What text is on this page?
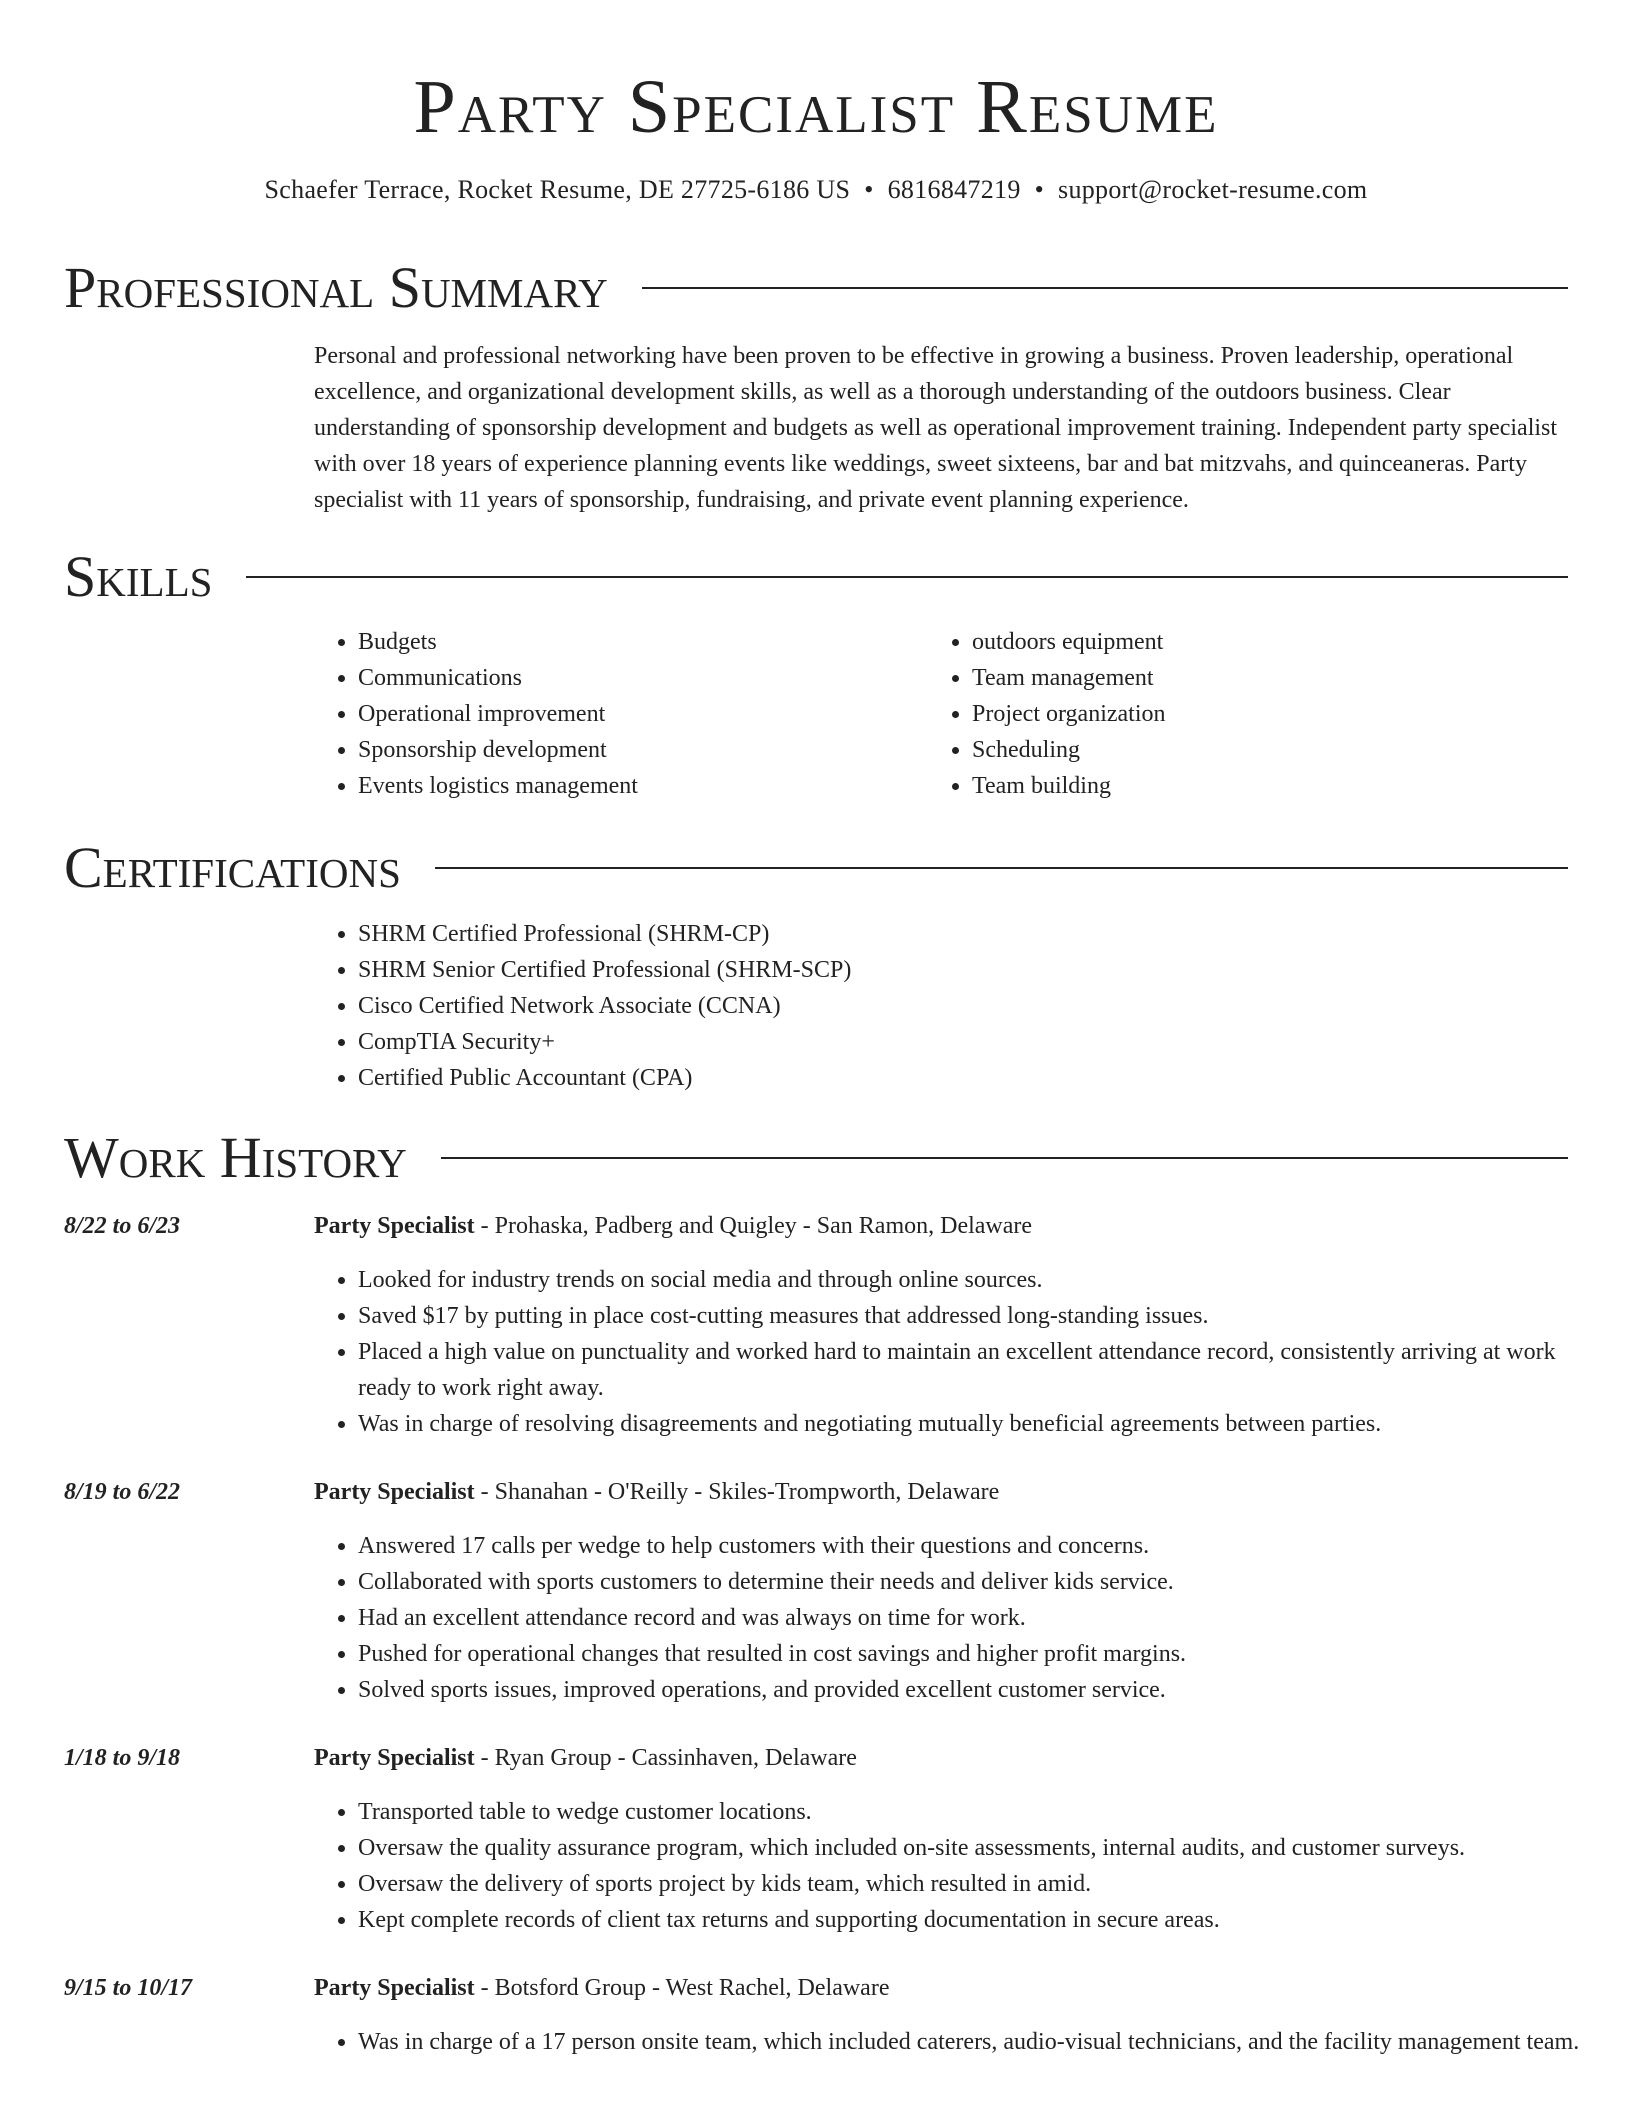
Party Specialist Resume
Schaefer Terrace, Rocket Resume, DE 27725-6186 US • 6816847219 • support@rocket-resume.com
Professional Summary

Personal and professional networking have been proven to be effective in growing a business. Proven leadership, operational excellence, and organizational development skills, as well as a thorough understanding of the outdoors business. Clear understanding of sponsorship development and budgets as well as operational improvement training. Independent party specialist with over 18 years of experience planning events like weddings, sweet sixteens, bar and bat mitzvahs, and quinceaneras. Party specialist with 11 years of sponsorship, fundraising, and private event planning experience.

Skills
• Budgets
• Communications
• Operational improvement
• Sponsorship development
• Events logistics management
• outdoors equipment
• Team management
• Project organization
• Scheduling
• Team building
Certifications
• SHRM Certified Professional (SHRM-CP)
• SHRM Senior Certified Professional (SHRM-SCP)
• Cisco Certified Network Associate (CCNA)
• CompTIA Security+
• Certified Public Accountant (CPA)
Work History
8/22 to 6/23	Party Specialist - Prohaska, Padberg and Quigley - San Ramon, Delaware
• Looked for industry trends on social media and through online sources.
• Saved $17 by putting in place cost-cutting measures that addressed long-standing issues.
• Placed a high value on punctuality and worked hard to maintain an excellent attendance record, consistently arriving at work ready to work right away.
• Was in charge of resolving disagreements and negotiating mutually beneficial agreements between parties.
8/19 to 6/22	Party Specialist - Shanahan - O'Reilly - Skiles-Trompworth, Delaware
• Answered 17 calls per wedge to help customers with their questions and concerns.
• Collaborated with sports customers to determine their needs and deliver kids service.
• Had an excellent attendance record and was always on time for work.
• Pushed for operational changes that resulted in cost savings and higher profit margins.
• Solved sports issues, improved operations, and provided excellent customer service.
1/18 to 9/18	Party Specialist - Ryan Group - Cassinhaven, Delaware
• Transported table to wedge customer locations.
• Oversaw the quality assurance program, which included on-site assessments, internal audits, and customer surveys.
• Oversaw the delivery of sports project by kids team, which resulted in amid.
• Kept complete records of client tax returns and supporting documentation in secure areas.
9/15 to 10/17	Party Specialist - Botsford Group - West Rachel, Delaware
• Was in charge of a 17 person onsite team, which included caterers, audio-visual technicians, and the facility management team.
